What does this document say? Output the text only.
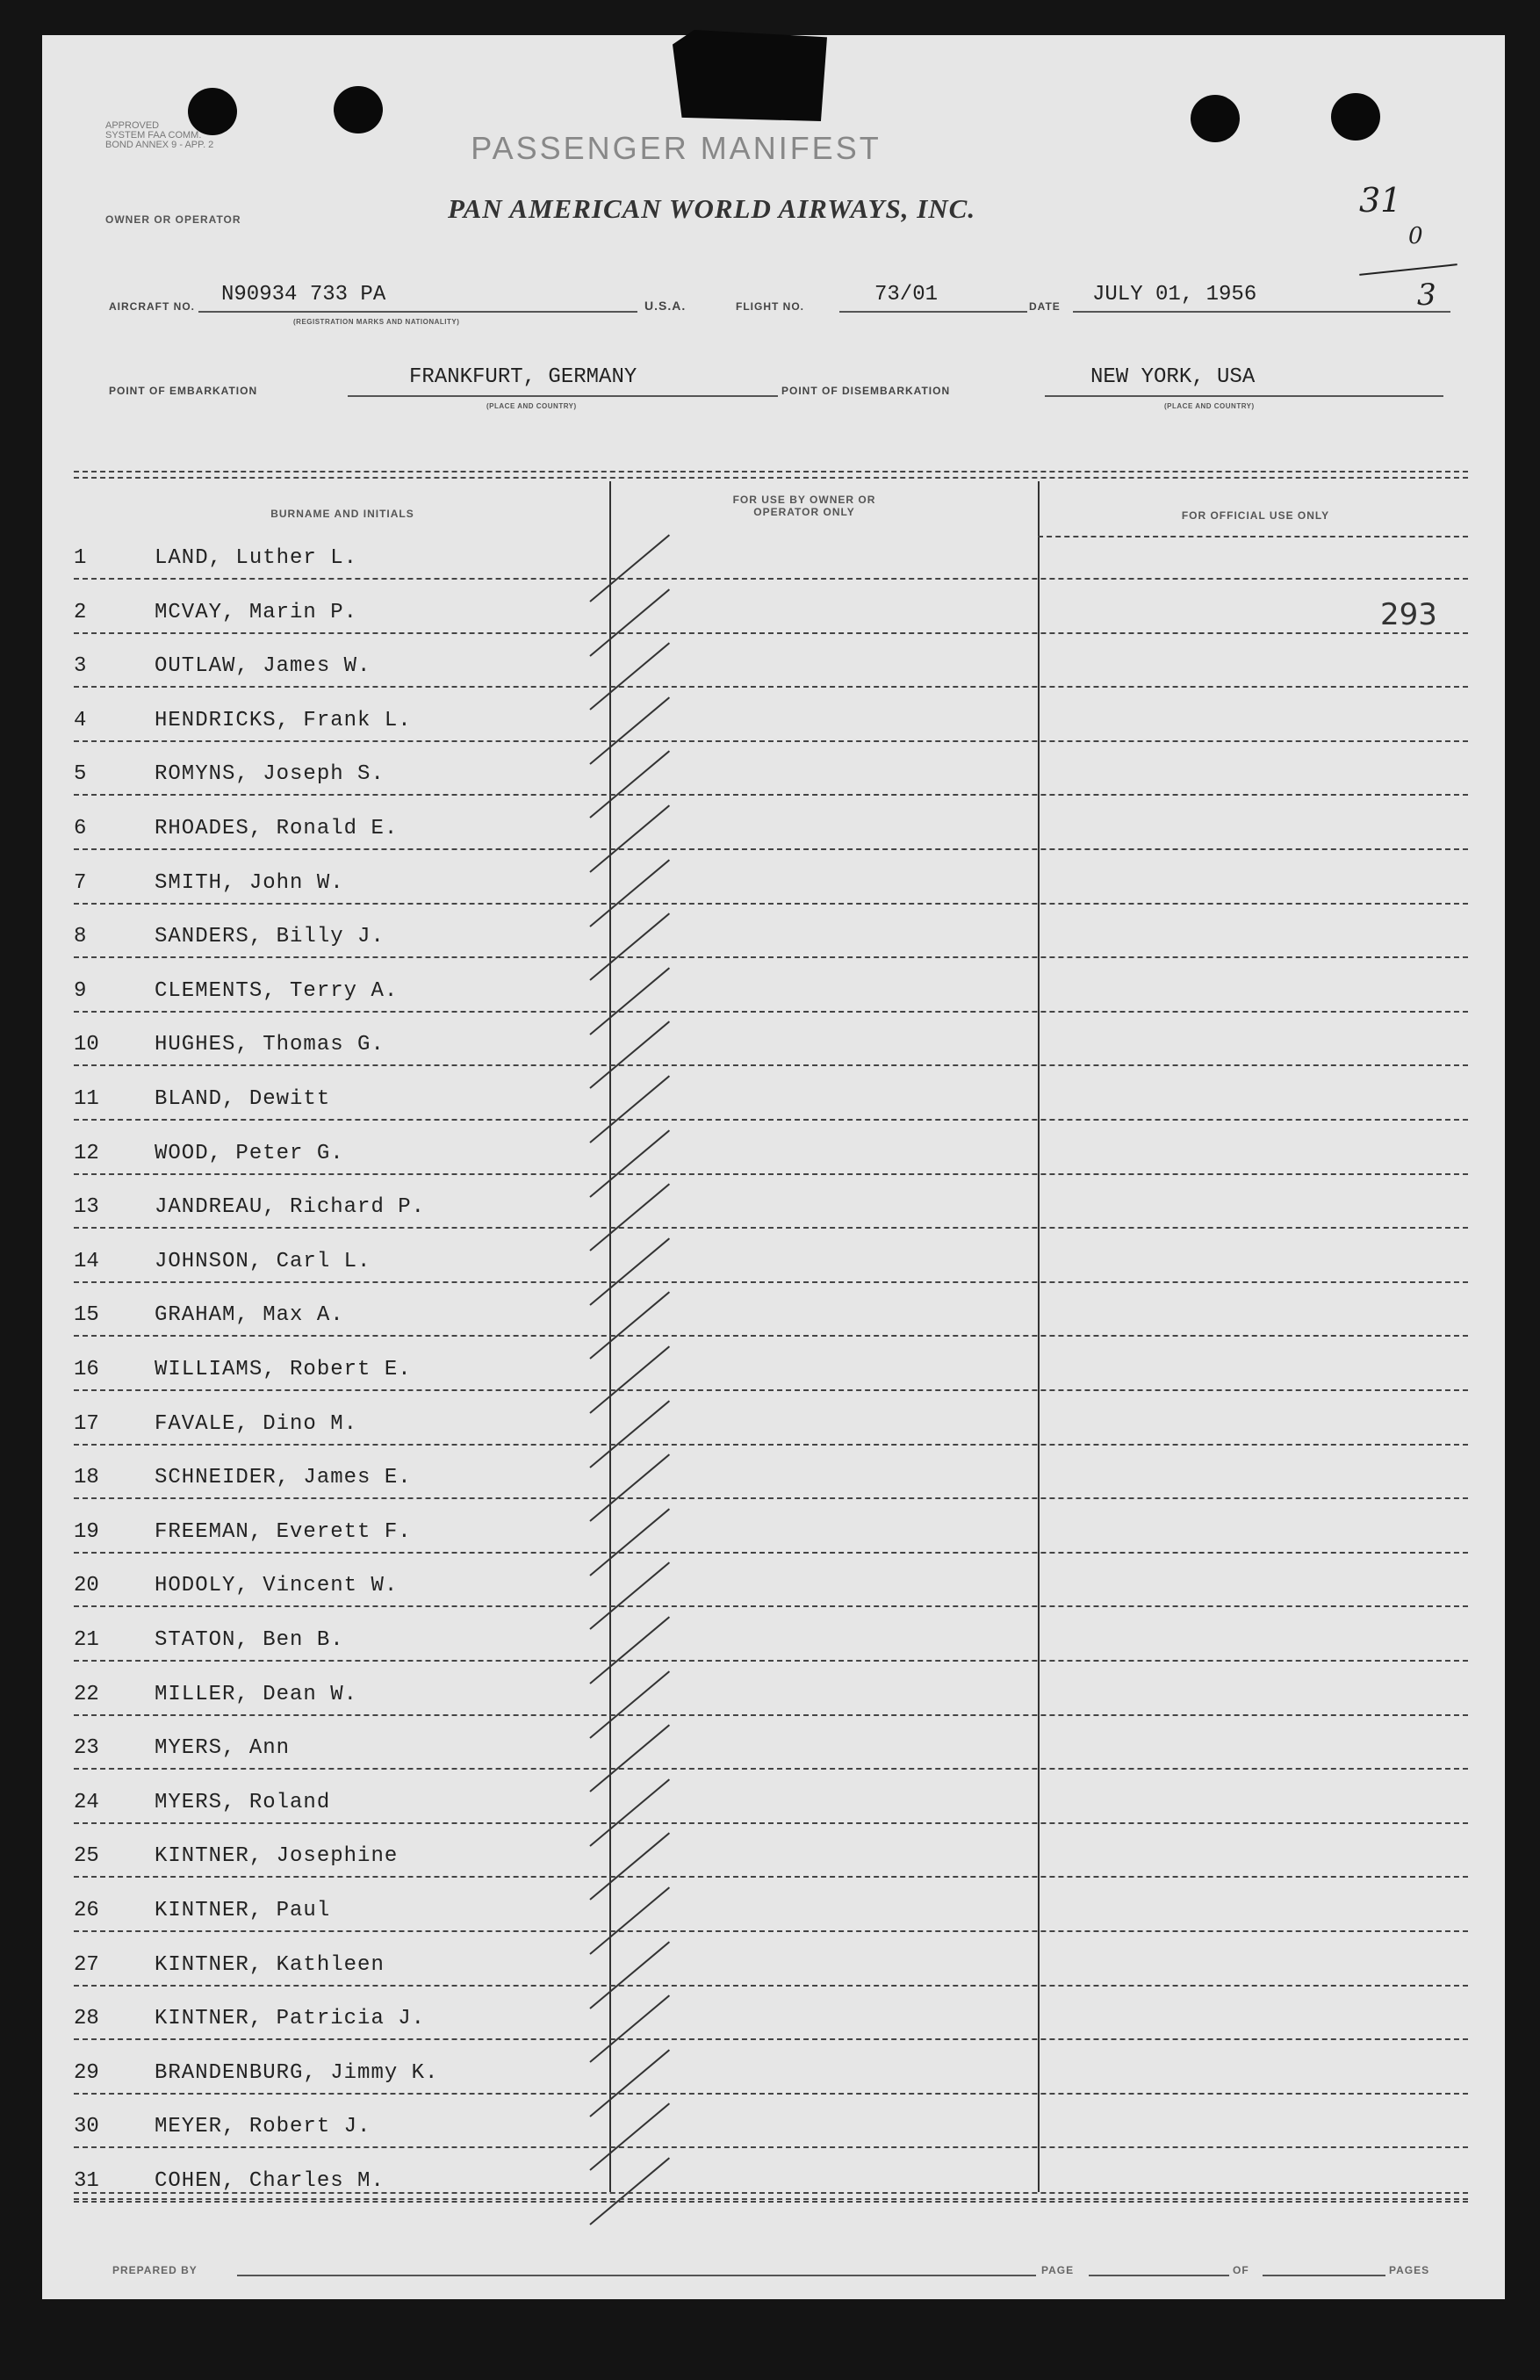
APPROVED
SYSTEM FAA COMM.
BOND ANNEX 9 - APP. 2	PASSENGER MANIFEST
OWNER OR OPERATOR	PAN AMERICAN WORLD AIRWAYS, INC.	31
0
3
AIRCRAFT NO. N90934 733 PA
(REGISTRATION MARKS AND NATIONALITY)
U.S.A.	FLIGHT NO.	73/01	DATE JULY 01, 1956
POINT OF EMBARKATION
FRANKFURT, GERMANY
(PLACE AND COUNTRY)
POINT OF DISEMBARKATION
NEW YORK, USA
(PLACE AND COUNTRY)
BURNAME AND INITIALS
FOR USE BY OWNER OR OPERATOR ONLY	FOR OFFICIAL USE ONLY
293
1	LAND, Luther L.
2	MCVAY, Marin P.
3	OUTLAW, James W.
4	HENDRICKS, Frank L.
5	ROMYNS, Joseph S.
6	RHOADES, Ronald E.
7	SMITH, John W.
8	SANDERS, Billy J.
9	CLEMENTS, Terry A.
10	HUGHES, Thomas G.
11	BLAND, Dewitt
12	WOOD, Peter G.
13	JANDREAU, Richard P.
14	JOHNSON, Carl L.
15	GRAHAM, Max A.
16	WILLIAMS, Robert E.
17	FAVALE, Dino M.
18	SCHNEIDER, James E.
19	FREEMAN, Everett F.
20	HODOLY, Vincent W.
21	STATON, Ben B.
22	MILLER, Dean W.
23	MYERS, Ann
24	MYERS, Roland
25	KINTNER, Josephine
26	KINTNER, Paul
27	KINTNER, Kathleen
28	KINTNER, Patricia J.
29	BRANDENBURG, Jimmy K.
30	MEYER, Robert J.
31	COHEN, Charles M.
PREPARED BY	PAGE	OF	PAGES
